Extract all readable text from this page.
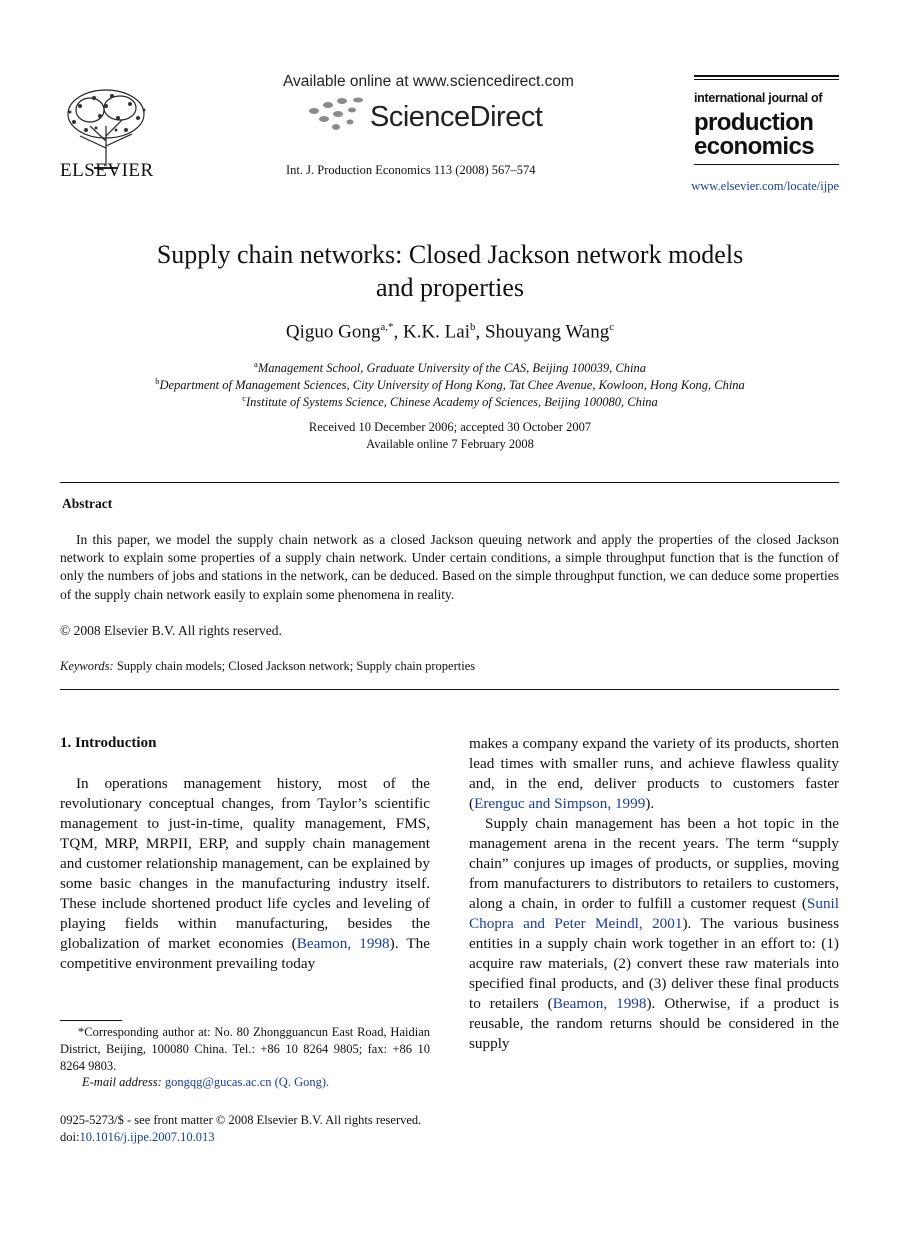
ELSEVIER
Available online at www.sciencedirect.com
ScienceDirect
Int. J. Production Economics 113 (2008) 567–574
international journal of
production
economics
www.elsevier.com/locate/ijpe
Supply chain networks: Closed Jackson network models
and properties
Qiguo Gong$^{a,*}$, K.K. Lai$^b$, Shouyang Wang$^c$
$^a$Management School, Graduate University of the CAS, Beijing 100039, China
$^b$Department of Management Sciences, City University of Hong Kong, Tat Chee Avenue, Kowloon, Hong Kong, China
$^c$Institute of Systems Science, Chinese Academy of Sciences, Beijing 100080, China
Received 10 December 2006; accepted 30 October 2007
Available online 7 February 2008
Abstract
In this paper, we model the supply chain network as a closed Jackson queuing network and apply the properties of the closed Jackson network to explain some properties of a supply chain network. Under certain conditions, a simple throughput function that is the function of only the numbers of jobs and stations in the network, can be deduced. Based on the simple throughput function, we can deduce some properties of the supply chain network easily to explain some phenomena in reality.
© 2008 Elsevier B.V. All rights reserved.
Keywords: Supply chain models; Closed Jackson network; Supply chain properties
1. Introduction

In operations management history, most of the revolutionary conceptual changes, from Taylor’s scientific management to just-in-time, quality management, FMS, TQM, MRP, MRPII, ERP, and supply chain management and customer relationship management, can be explained by some basic changes in the manufacturing industry itself. These include shortened product life cycles and leveling of playing fields within manufacturing, besides the globalization of market economies (Beamon, 1998). The competitive environment prevailing today

makes a company expand the variety of its products, shorten lead times with smaller runs, and achieve flawless quality and, in the end, deliver products to customers faster (Erenguc and Simpson, 1999).

Supply chain management has been a hot topic in the management arena in the recent years. The term “supply chain” conjures up images of products, or supplies, moving from manufacturers to distributors to retailers to customers, along a chain, in order to fulfill a customer request (Sunil Chopra and Peter Meindl, 2001). The various business entities in a supply chain work together in an effort to: (1) acquire raw materials, (2) convert these raw materials into specified final products, and (3) deliver these final products to retailers (Beamon, 1998). Otherwise, if a product is reusable, the random returns should be considered in the supply

*Corresponding author at: No. 80 Zhongguancun East Road, Haidian District, Beijing, 100080 China. Tel.: +86 10 8264 9805; fax: +86 10 8264 9803.
E-mail address: gongqg@gucas.ac.cn (Q. Gong).
0925-5273/$ - see front matter © 2008 Elsevier B.V. All rights reserved.
doi:10.1016/j.ijpe.2007.10.013
